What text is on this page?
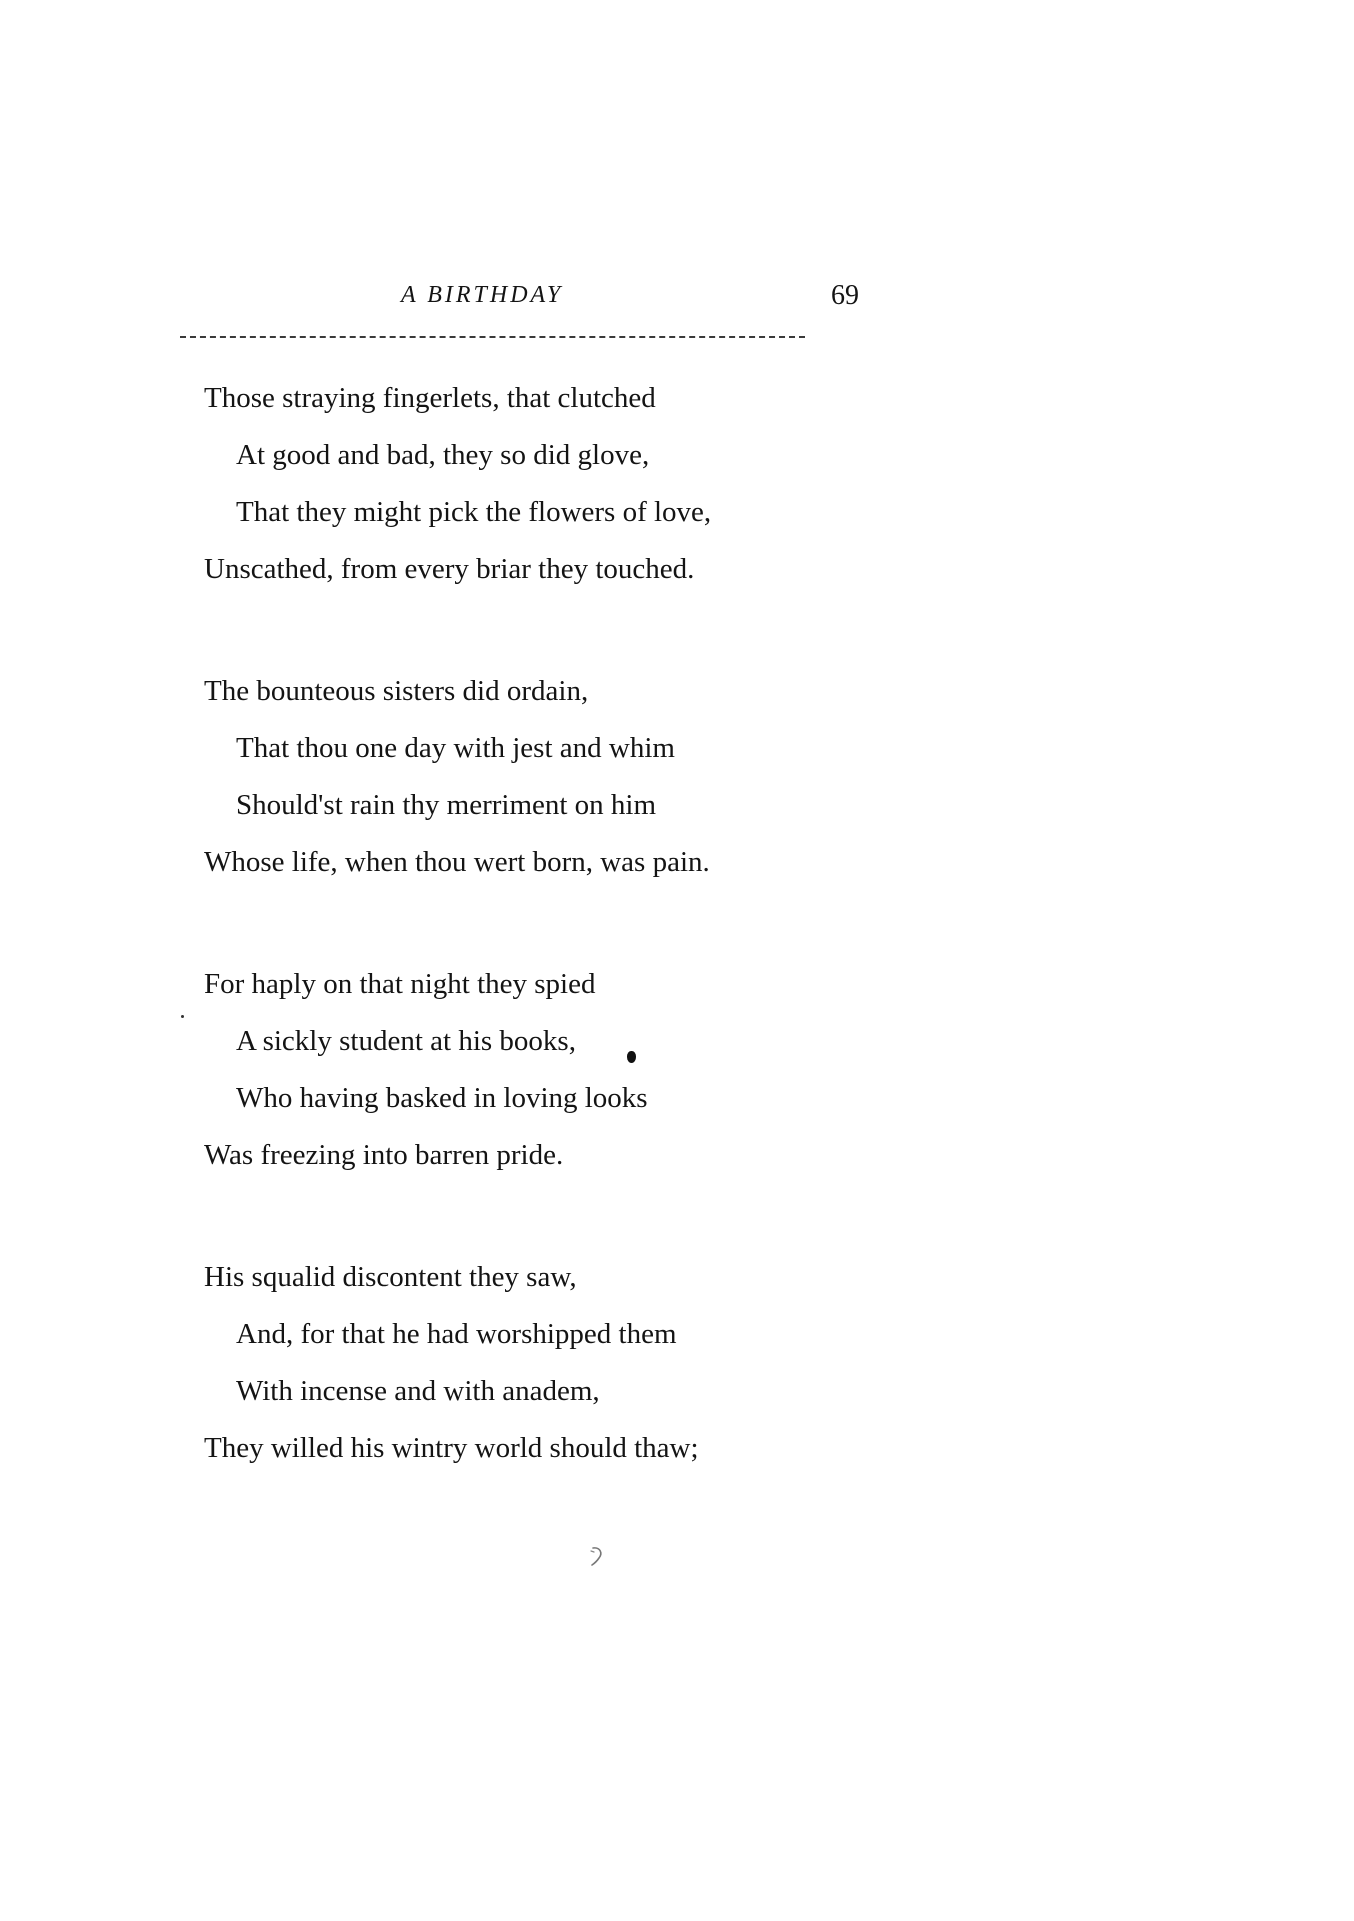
A BIRTHDAY	69
Those straying fingerlets, that clutched
At good and bad, they so did glove,
That they might pick the flowers of love,
Unscathed, from every briar they touched.
The bounteous sisters did ordain,
That thou one day with jest and whim
Should'st rain thy merriment on him
Whose life, when thou wert born, was pain.
For haply on that night they spied
A sickly student at his books,
Who having basked in loving looks
Was freezing into barren pride.
His squalid discontent they saw,
And, for that he had worshipped them
With incense and with anadem,
They willed his wintry world should thaw;
